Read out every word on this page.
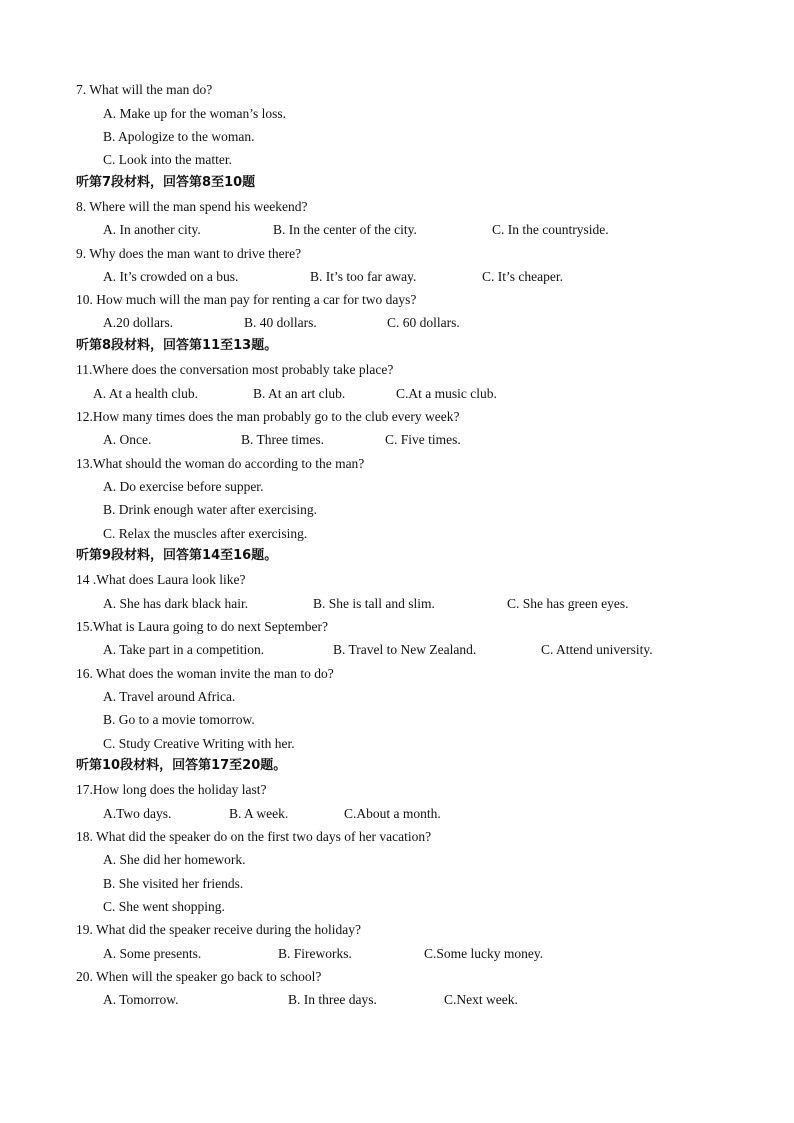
7. What will the man do?
A. Make up for the woman’s loss.
B. Apologize to the woman.
C. Look into the matter.
听第7段材料，回答第8至10题
8. Where will the man spend his weekend?
A. In another city.	B. In the center of the city.	C. In the countryside.
9. Why does the man want to drive there?
A. It’s crowded on a bus.	B. It’s too far away.	C. It’s cheaper.
10. How much will the man pay for renting a car for two days?
A.20 dollars.	B. 40 dollars.	C. 60 dollars.
听第8段材料，回答第11至13题。
11.Where does the conversation most probably take place?
A. At a health club.	B. At an art club.	C.At a music club.
12.How many times does the man probably go to the club every week?
A. Once.	B. Three times.	C. Five times.
13.What should the woman do according to the man?
A. Do exercise before supper.
B. Drink enough water after exercising.
C. Relax the muscles after exercising.
听第9段材料，回答第14至16题。
14 .What does Laura look like?
A. She has dark black hair.	B. She is tall and slim.	C. She has green eyes.
15.What is Laura going to do next September?
A. Take part in a competition.	B. Travel to New Zealand.	C. Attend university.
16. What does the woman invite the man to do?
A. Travel around Africa.
B. Go to a movie tomorrow.
C. Study Creative Writing with her.
听第10段材料，回答第17至20题。
17.How long does the holiday last?
A.Two days.	B. A week.	C.About a month.
18. What did the speaker do on the first two days of her vacation?
A. She did her homework.
B. She visited her friends.
C. She went shopping.
19. What did the speaker receive during the holiday?
A. Some presents.	B. Fireworks.	C.Some lucky money.
20. When will the speaker go back to school?
A. Tomorrow.	B. In three days.	C.Next week.
